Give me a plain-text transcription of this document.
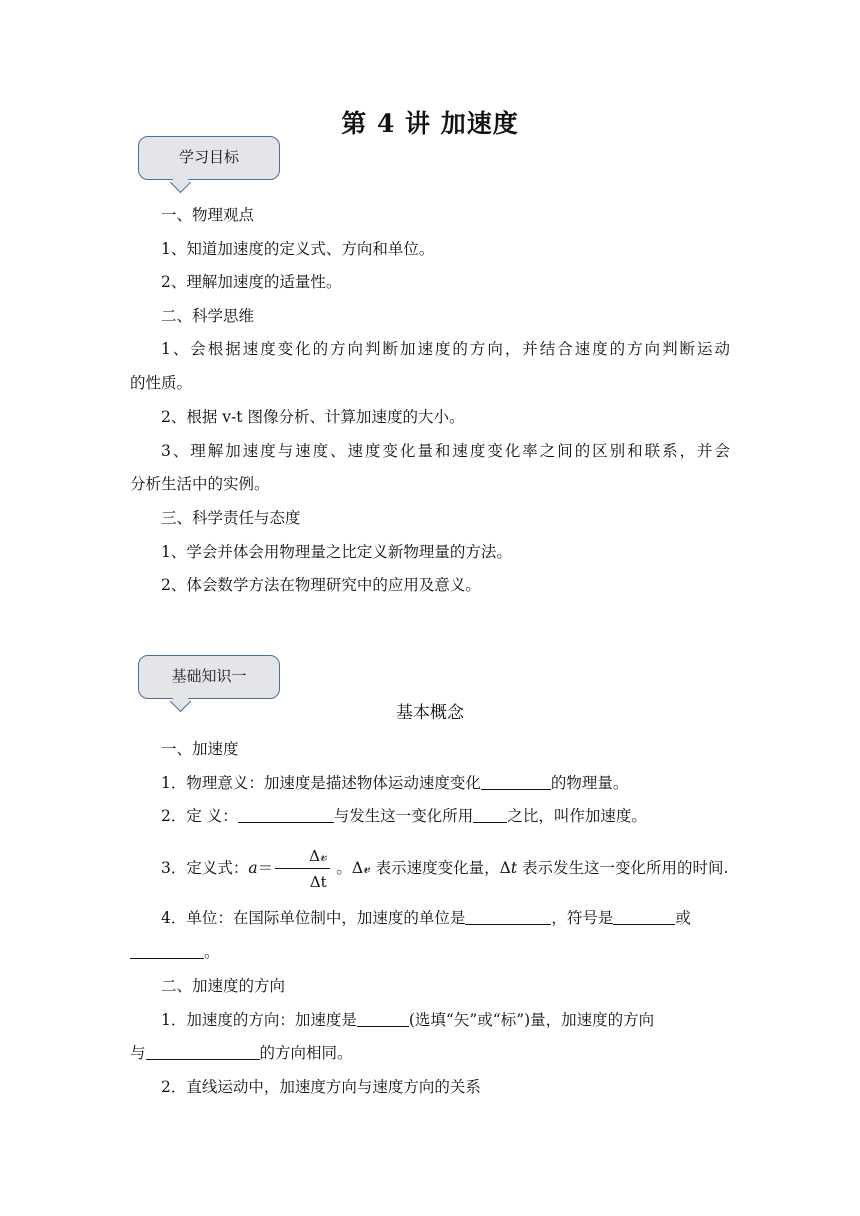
第 4 讲 加速度
学习目标
一、物理观点
1、知道加速度的定义式、方向和单位。
2、理解加速度的适量性。
二、科学思维
1、会根据速度变化的方向判断加速度的方向，并结合速度的方向判断运动
的性质。
2、根据 v-t 图像分析、计算加速度的大小。
3、理解加速度与速度、速度变化量和速度变化率之间的区别和联系，并会
分析生活中的实例。
三、科学责任与态度
1、学会并体会用物理量之比定义新物理量的方法。
2、体会数学方法在物理研究中的应用及意义。
基础知识一
基本概念
一、加速度
1．物理意义：加速度是描述物体运动速度变化	的物理量。
2．定 义：	与发生这一变化所用 之比，叫作加速度。
3．定义式：$a= \frac{\text{Δ𝓋}}{\Delta t}$ 。Δ𝓋 表示速度变化量，Δt 表示发生这一变化所用的时间.
4．单位：在国际单位制中，加速度的单位是	，符号是	或
。
二、加速度的方向
1．加速度的方向：加速度是	(选填“矢”或“标”)量，加速度的方向
与	的方向相同。
2．直线运动中，加速度方向与速度方向的关系
